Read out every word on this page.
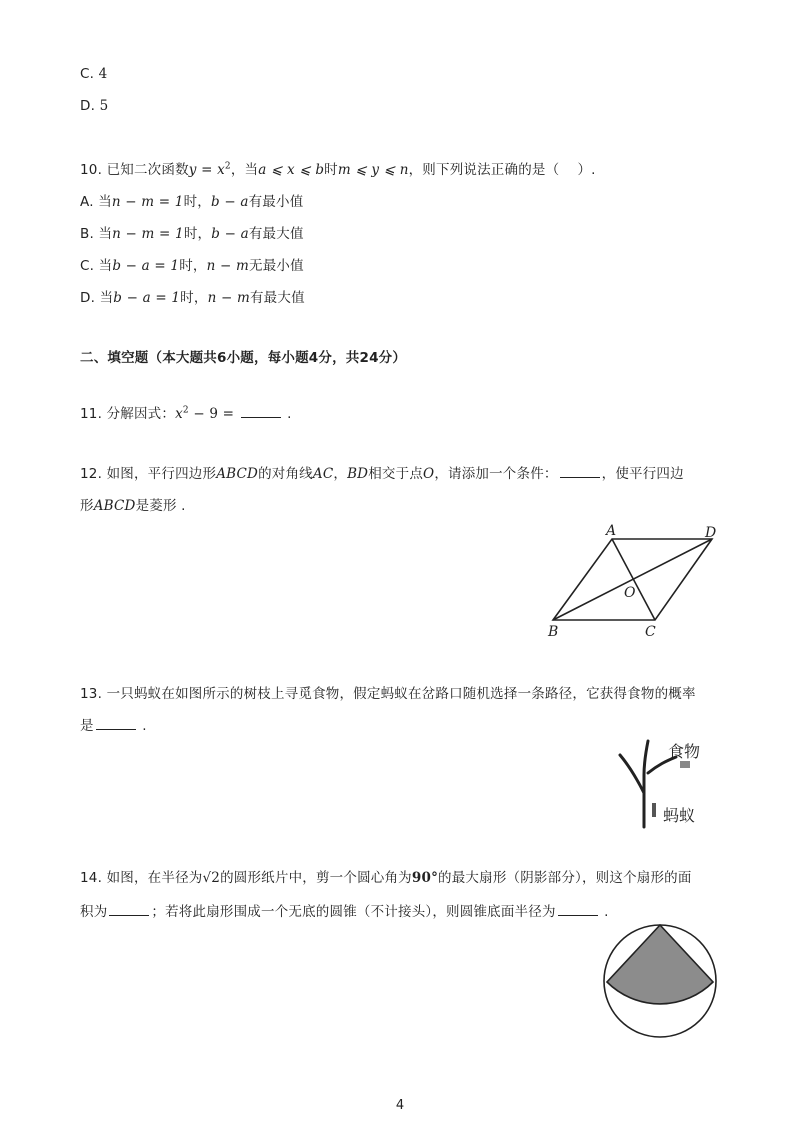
C. 4
D. 5
10. 已知二次函数$y = x^2$，当a ⩽ x ⩽ b时m ⩽ y ⩽ n，则下列说法正确的是（　 ）.
A. 当n − m = 1时，b − a有最小值
B. 当n − m = 1时，b − a有最大值
C. 当b − a = 1时，n − m无最小值
D. 当b − a = 1时，n − m有最大值
二、填空题（本大题共6小题，每小题4分，共24分）
11. 分解因式：$x^2 - 9$ =	.
12. 如图，平行四边形ABCD的对角线AC，BD相交于点O，请添加一个条件：	，使平行四边
形ABCD是菱形 .
A	D
B	C
O
13. 一只蚂蚁在如图所示的树枝上寻觅食物，假定蚂蚁在岔路口随机选择一条路径，它获得食物的概率
是	.
食物
蚂蚁
14. 如图，在半径为√2的圆形纸片中，剪一个圆心角为90°的最大扇形（阴影部分），则这个扇形的面
积为	；若将此扇形围成一个无底的圆锥（不计接头），则圆锥底面半径为	.
4
